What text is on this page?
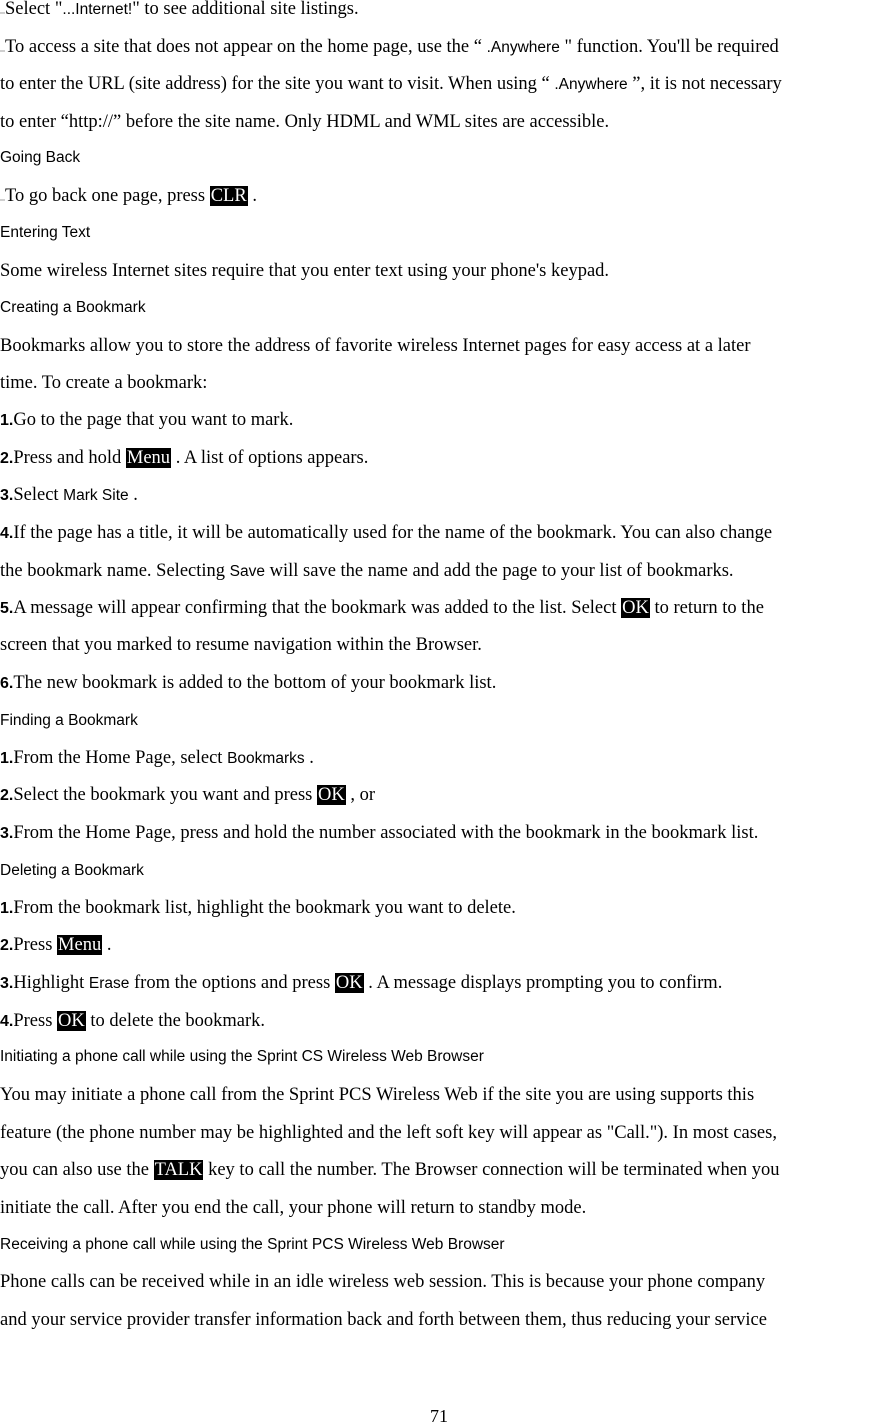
Select "...Internet!" to see additional site listings.
To access a site that does not appear on the home page, use the “ .Anywhere " function. You'll be required
to enter the URL (site address) for the site you want to visit. When using “ .Anywhere ”, it is not necessary
to enter “http://” before the site name. Only HDML and WML sites are accessible.
Going Back
To go back one page, press CLR .
Entering Text
Some wireless Internet sites require that you enter text using your phone's keypad.
Creating a Bookmark
Bookmarks allow you to store the address of favorite wireless Internet pages for easy access at a later
time. To create a bookmark:
1.Go to the page that you want to mark.
2.Press and hold Menu . A list of options appears.
3.Select Mark Site .
4.If the page has a title, it will be automatically used for the name of the bookmark. You can also change
the bookmark name. Selecting Save will save the name and add the page to your list of bookmarks.
5.A message will appear confirming that the bookmark was added to the list. Select OK to return to the
screen that you marked to resume navigation within the Browser.
6.The new bookmark is added to the bottom of your bookmark list.
Finding a Bookmark
1.From the Home Page, select Bookmarks .
2.Select the bookmark you want and press OK , or
3.From the Home Page, press and hold the number associated with the bookmark in the bookmark list.
Deleting a Bookmark
1.From the bookmark list, highlight the bookmark you want to delete.
2.Press Menu .
3.Highlight Erase from the options and press OK . A message displays prompting you to confirm.
4.Press OK to delete the bookmark.
Initiating a phone call while using the Sprint CS Wireless Web Browser
You may initiate a phone call from the Sprint PCS Wireless Web if the site you are using supports this
feature (the phone number may be highlighted and the left soft key will appear as "Call."). In most cases,
you can also use the TALK key to call the number. The Browser connection will be terminated when you
initiate the call. After you end the call, your phone will return to standby mode.
Receiving a phone call while using the Sprint PCS Wireless Web Browser
Phone calls can be received while in an idle wireless web session. This is because your phone company
and your service provider transfer information back and forth between them, thus reducing your service
71
